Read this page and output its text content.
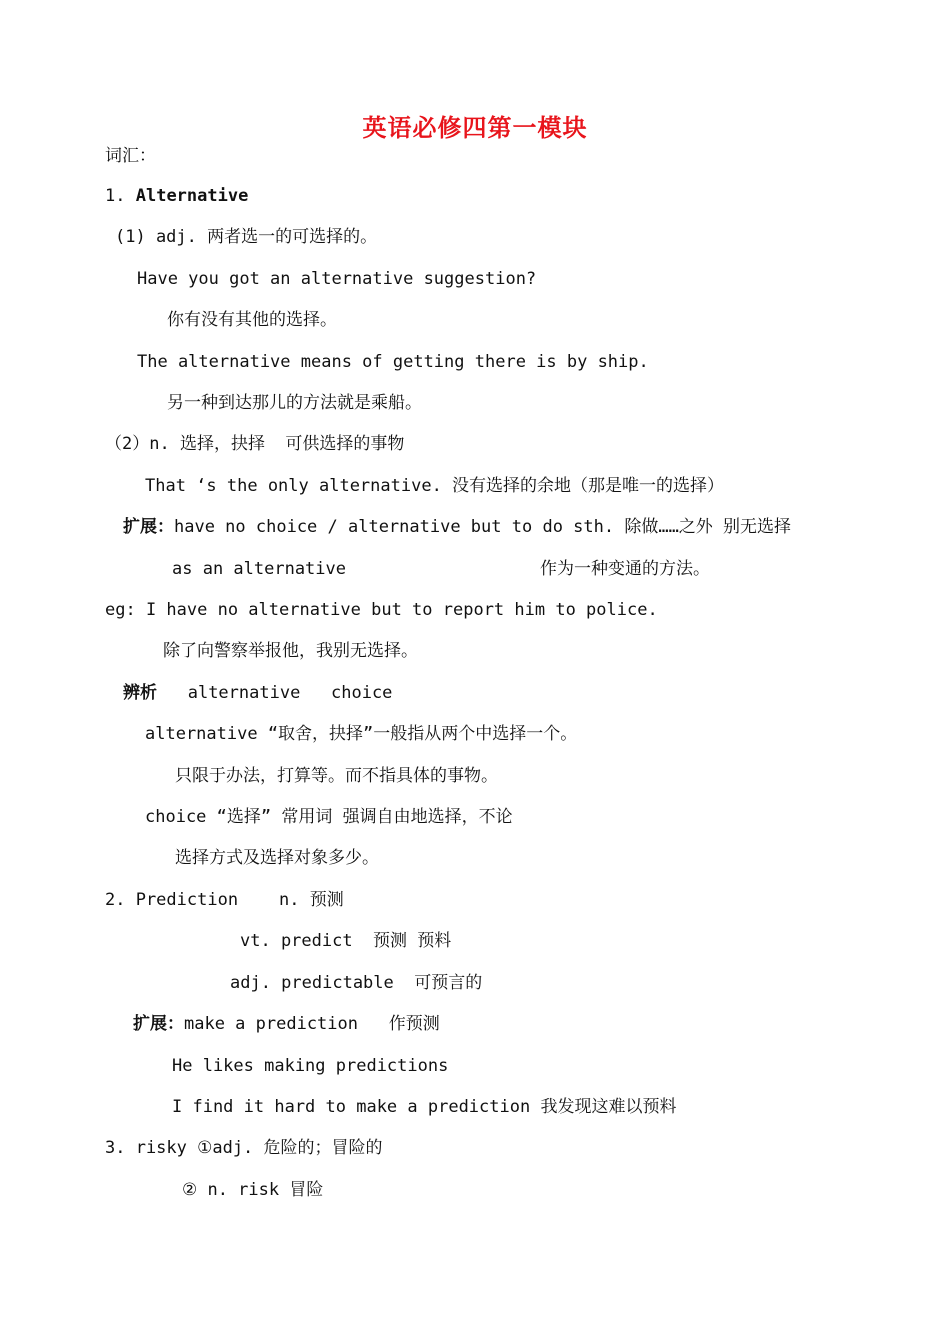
英语必修四第一模块
词汇：
1. Alternative
(1) adj. 两者选一的可选择的。
Have you got an alternative suggestion?
你有没有其他的选择。
The alternative means of getting there is by ship.
另一种到达那儿的方法就是乘船。
（2）n. 选择，抉择  可供选择的事物
That ‘s the only alternative. 没有选择的余地（那是唯一的选择）
扩展：have no choice / alternative but to do sth. 除做……之外 别无选择
as an alternative	作为一种变通的方法。
eg: I have no alternative but to report him to police.
除了向警察举报他，我别无选择。
辨析 alternative   choice
alternative “取舍，抉择”一般指从两个中选择一个。
只限于办法，打算等。而不指具体的事物。
choice “选择” 常用词 强调自由地选择，不论
选择方式及选择对象多少。
2. Prediction    n. 预测
vt. predict  预测 预料
adj. predictable  可预言的
扩展：make a prediction   作预测
He likes making predictions
I find it hard to make a prediction 我发现这难以预料
3. risky ①adj. 危险的；冒险的
② n. risk 冒险
